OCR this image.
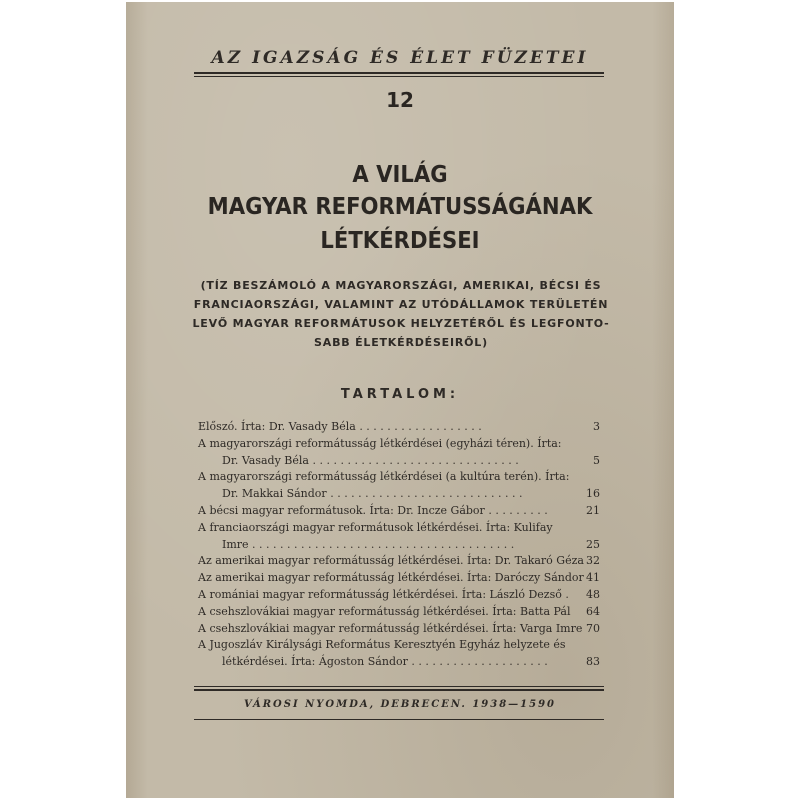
AZ IGAZSÁG ÉS ÉLET FÜZETEI
12
A VILÁG
MAGYAR REFORMÁTUSSÁGÁNAK
LÉTKÉRDÉSEI
(TÍZ BESZÁMOLÓ A MAGYARORSZÁGI, AMERIKAI, BÉCSI ÉS
FRANCIAORSZÁGI, VALAMINT AZ UTÓDÁLLAMOK TERÜLETÉN
LEVŐ MAGYAR REFORMÁTUSOK HELYZETÉRŐL ÉS LEGFONTO-
SABB ÉLETKÉRDÉSEIRŐL)
TARTALOM:
Előszó. Írta: Dr. Vasady Béla . . . . . . . . . . . . . . . . . .	3
A magyarországi reformátusság létkérdései (egyházi téren). Írta:
Dr. Vasady Béla . . . . . . . . . . . . . . . . . . . . . . . . . . . . . .	5
A magyarországi reformátusság létkérdései (a kultúra terén). Írta:
Dr. Makkai Sándor . . . . . . . . . . . . . . . . . . . . . . . . . . . .	16
A bécsi magyar reformátusok. Írta: Dr. Incze Gábor . . . . . . . . .	21
A franciaországi magyar reformátusok létkérdései. Írta: Kulifay
Imre . . . . . . . . . . . . . . . . . . . . . . . . . . . . . . . . . . . . . .	25
Az amerikai magyar reformátusság létkérdései. Írta: Dr. Takaró Géza 32
Az amerikai magyar reformátusság létkérdései. Írta: Daróczy Sándor 41
A romániai magyar reformátusság létkérdései. Írta: László Dezső . 48
A csehszlovákiai magyar reformátusság létkérdései. Írta: Batta Pál 64
A csehszlovákiai magyar reformátusság létkérdései. Írta: Varga Imre 70
A Jugoszláv Királysági Református Keresztyén Egyház helyzete és
létkérdései. Írta: Ágoston Sándor . . . . . . . . . . . . . . . . . . . .	83
VÁROSI NYOMDA, DEBRECEN. 1938—1590
